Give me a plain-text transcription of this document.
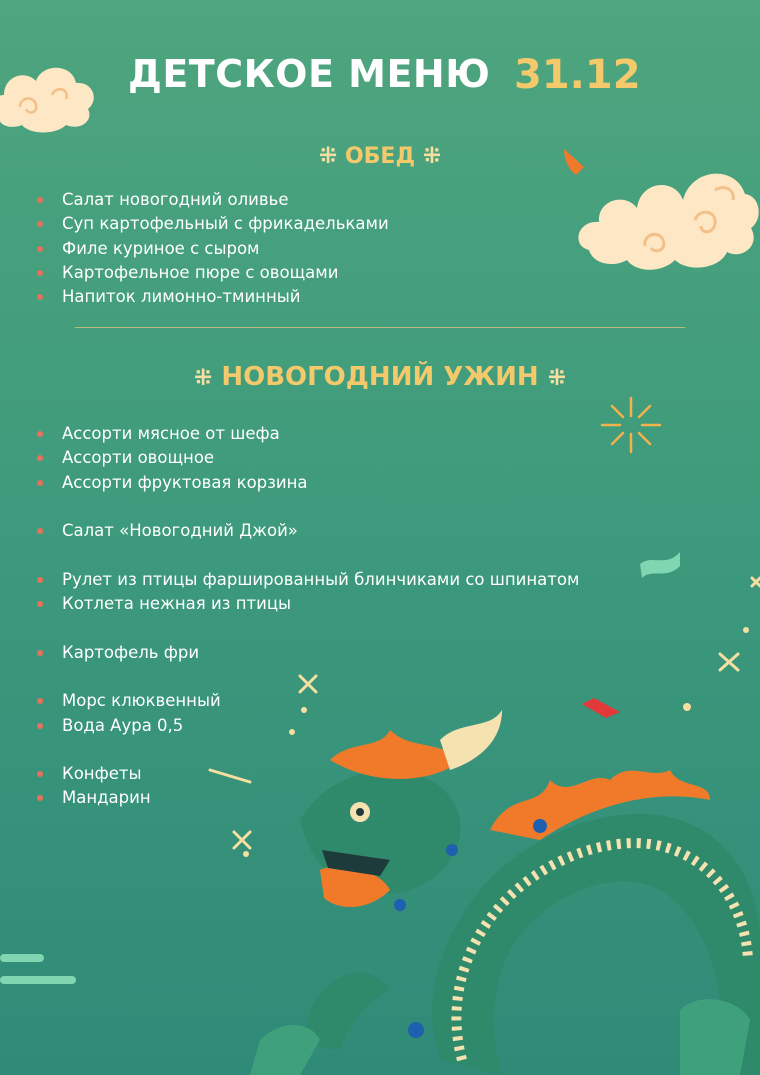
ДЕТСКОЕ МЕНЮ 31.12
⁜ ОБЕД ⁜
Салат новогодний оливье
Суп картофельный с фрикадельками
Филе куриное с сыром
Картофельное пюре с овощами
Напиток лимонно-тминный
⁜ НОВОГОДНИЙ УЖИН ⁜
Ассорти мясное от шефа
Ассорти овощное
Ассорти фруктовая корзина
Салат «Новогодний Джой»
Рулет из птицы фаршированный блинчиками со шпинатом
Котлета нежная из птицы
Картофель фри
Морс клюквенный
Вода Аура 0,5
Конфеты
Мандарин
